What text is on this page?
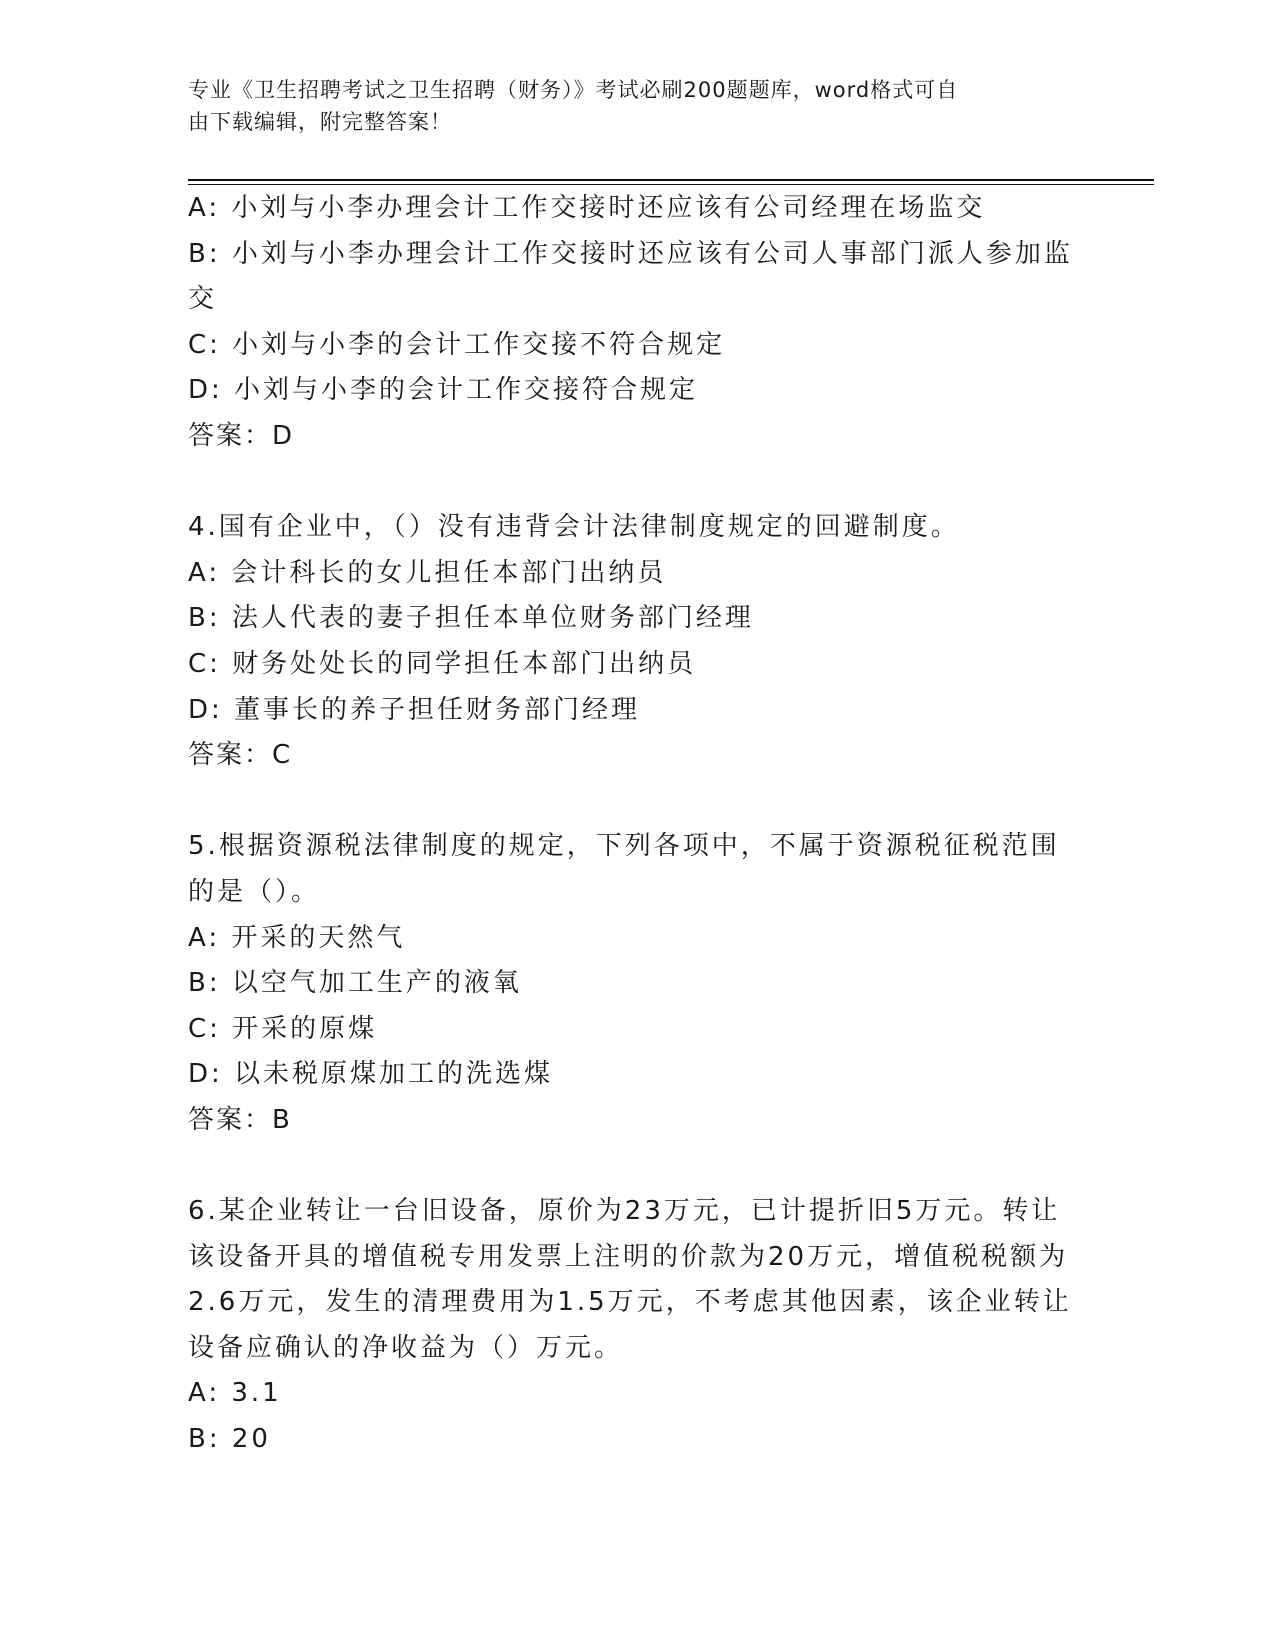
专业《卫生招聘考试之卫生招聘（财务）》考试必刷200题题库，word格式可自
由下载编辑，附完整答案！
A: 小刘与小李办理会计工作交接时还应该有公司经理在场监交
B: 小刘与小李办理会计工作交接时还应该有公司人事部门派人参加监
交
C: 小刘与小李的会计工作交接不符合规定
D: 小刘与小李的会计工作交接符合规定
答案：D
4.国有企业中，（）没有违背会计法律制度规定的回避制度。
A: 会计科长的女儿担任本部门出纳员
B: 法人代表的妻子担任本单位财务部门经理
C: 财务处处长的同学担任本部门出纳员
D: 董事长的养子担任财务部门经理
答案：C
5.根据资源税法律制度的规定，下列各项中，不属于资源税征税范围
的是（）。
A: 开采的天然气
B: 以空气加工生产的液氧
C: 开采的原煤
D: 以未税原煤加工的洗选煤
答案：B
6.某企业转让一台旧设备，原价为23万元，已计提折旧5万元。转让
该设备开具的增值税专用发票上注明的价款为20万元，增值税税额为
2.6万元，发生的清理费用为1.5万元，不考虑其他因素，该企业转让
设备应确认的净收益为（）万元。
A: 3.1
B: 20
